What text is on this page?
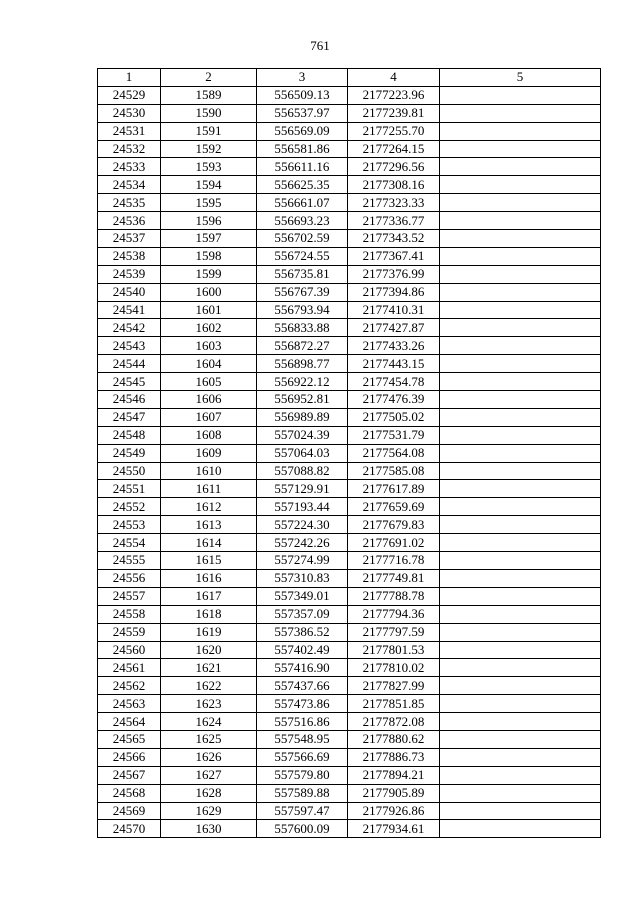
761
1	2	3	4	5
24529	1589	556509.13	2177223.96	
24530	1590	556537.97	2177239.81	
24531	1591	556569.09	2177255.70	
24532	1592	556581.86	2177264.15	
24533	1593	556611.16	2177296.56	
24534	1594	556625.35	2177308.16	
24535	1595	556661.07	2177323.33	
24536	1596	556693.23	2177336.77	
24537	1597	556702.59	2177343.52	
24538	1598	556724.55	2177367.41	
24539	1599	556735.81	2177376.99	
24540	1600	556767.39	2177394.86	
24541	1601	556793.94	2177410.31	
24542	1602	556833.88	2177427.87	
24543	1603	556872.27	2177433.26	
24544	1604	556898.77	2177443.15	
24545	1605	556922.12	2177454.78	
24546	1606	556952.81	2177476.39	
24547	1607	556989.89	2177505.02	
24548	1608	557024.39	2177531.79	
24549	1609	557064.03	2177564.08	
24550	1610	557088.82	2177585.08	
24551	1611	557129.91	2177617.89	
24552	1612	557193.44	2177659.69	
24553	1613	557224.30	2177679.83	
24554	1614	557242.26	2177691.02	
24555	1615	557274.99	2177716.78	
24556	1616	557310.83	2177749.81	
24557	1617	557349.01	2177788.78	
24558	1618	557357.09	2177794.36	
24559	1619	557386.52	2177797.59	
24560	1620	557402.49	2177801.53	
24561	1621	557416.90	2177810.02	
24562	1622	557437.66	2177827.99	
24563	1623	557473.86	2177851.85	
24564	1624	557516.86	2177872.08	
24565	1625	557548.95	2177880.62	
24566	1626	557566.69	2177886.73	
24567	1627	557579.80	2177894.21	
24568	1628	557589.88	2177905.89	
24569	1629	557597.47	2177926.86	
24570	1630	557600.09	2177934.61	
